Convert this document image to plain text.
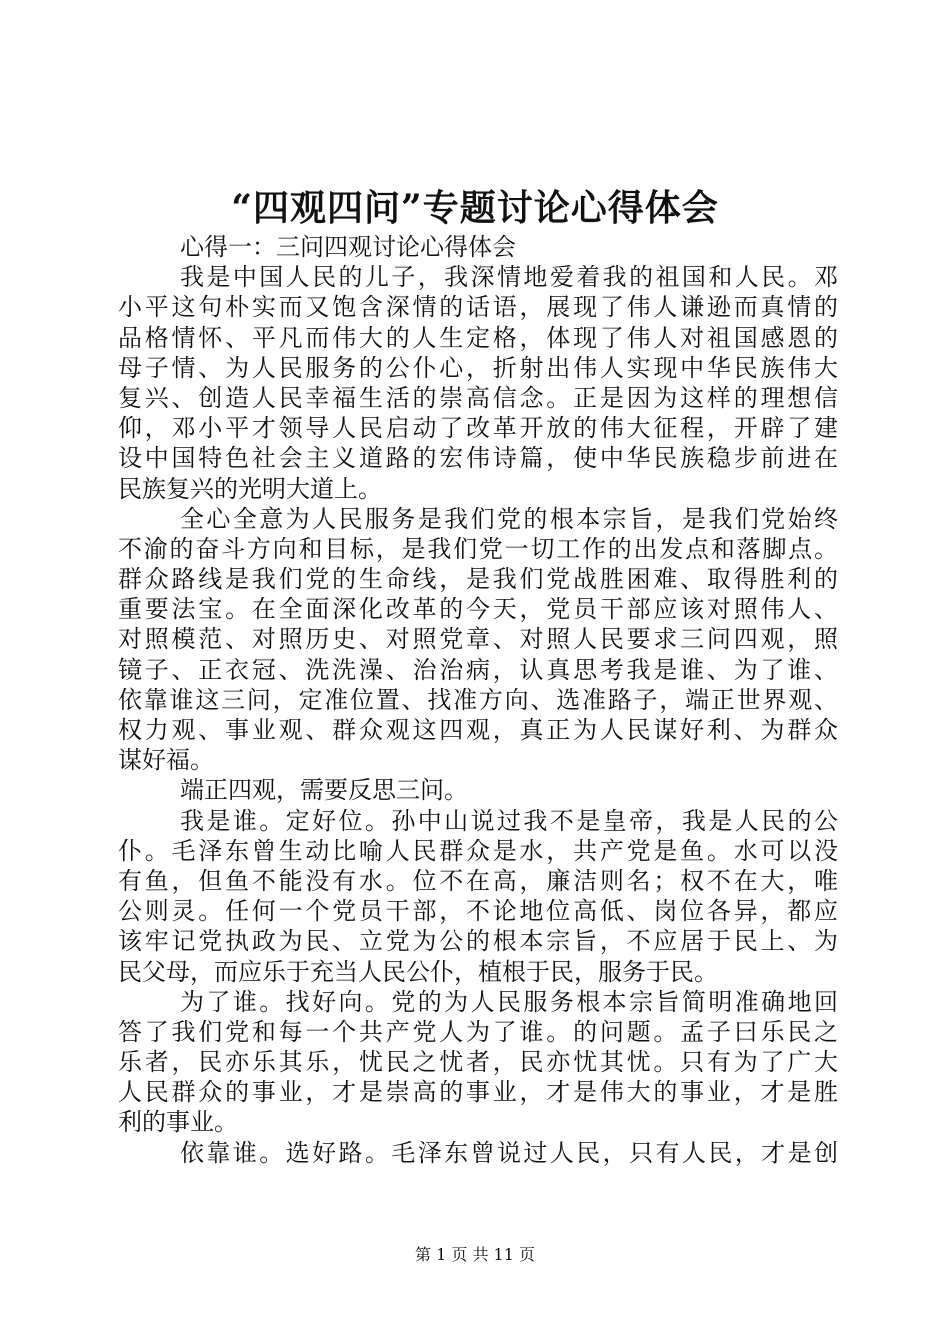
“四观四问”专题讨论心得体会
心得一：三问四观讨论心得体会
我是中国人民的儿子，我深情地爱着我的祖国和人民。邓
小平这句朴实而又饱含深情的话语，展现了伟人谦逊而真情的
品格情怀、平凡而伟大的人生定格，体现了伟人对祖国感恩的
母子情、为人民服务的公仆心，折射出伟人实现中华民族伟大
复兴、创造人民幸福生活的崇高信念。正是因为这样的理想信
仰，邓小平才领导人民启动了改革开放的伟大征程，开辟了建
设中国特色社会主义道路的宏伟诗篇，使中华民族稳步前进在
民族复兴的光明大道上。
全心全意为人民服务是我们党的根本宗旨，是我们党始终
不渝的奋斗方向和目标，是我们党一切工作的出发点和落脚点。
群众路线是我们党的生命线，是我们党战胜困难、取得胜利的
重要法宝。在全面深化改革的今天，党员干部应该对照伟人、
对照模范、对照历史、对照党章、对照人民要求三问四观，照
镜子、正衣冠、洗洗澡、治治病，认真思考我是谁、为了谁、
依靠谁这三问，定准位置、找准方向、选准路子，端正世界观、
权力观、事业观、群众观这四观，真正为人民谋好利、为群众
谋好福。
端正四观，需要反思三问。
我是谁。定好位。孙中山说过我不是皇帝，我是人民的公
仆。毛泽东曾生动比喻人民群众是水，共产党是鱼。水可以没
有鱼，但鱼不能没有水。位不在高，廉洁则名；权不在大，唯
公则灵。任何一个党员干部，不论地位高低、岗位各异，都应
该牢记党执政为民、立党为公的根本宗旨，不应居于民上、为
民父母，而应乐于充当人民公仆，植根于民，服务于民。
为了谁。找好向。党的为人民服务根本宗旨简明准确地回
答了我们党和每一个共产党人为了谁。的问题。孟子曰乐民之
乐者，民亦乐其乐，忧民之忧者，民亦忧其忧。只有为了广大
人民群众的事业，才是崇高的事业，才是伟大的事业，才是胜
利的事业。
依靠谁。选好路。毛泽东曾说过人民，只有人民，才是创
第 1 页 共 11 页
